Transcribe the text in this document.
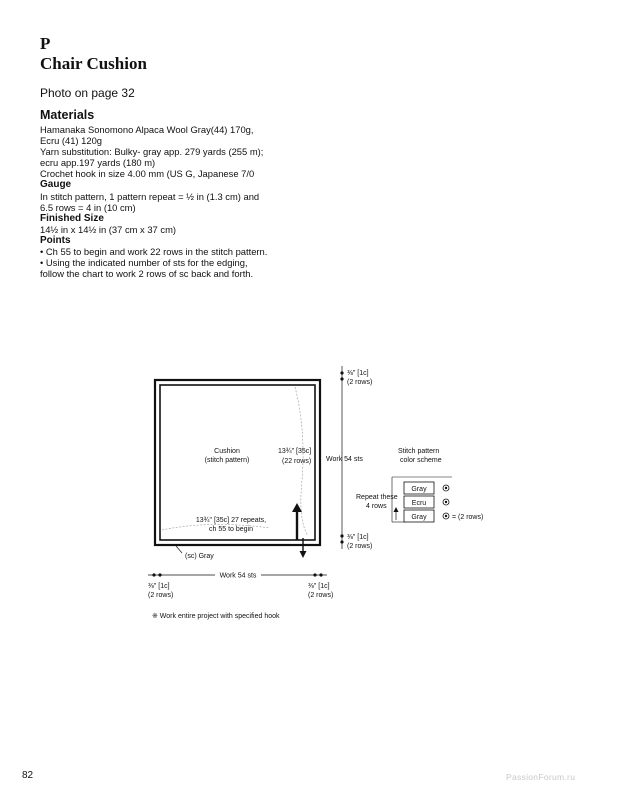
P
Chair Cushion
Photo on page 32
Materials
Hamanaka Sonomono Alpaca Wool Gray(44) 170g,
Ecru (41) 120g
Yarn substitution: Bulky- gray app. 279 yards (255 m);
ecru app.197 yards (180 m)
Crochet hook in size 4.00 mm (US G, Japanese 7/0
Gauge
In stitch pattern, 1 pattern repeat = ½ in (1.3 cm) and
6.5 rows = 4 in (10 cm)
Finished Size
14½ in x 14½ in (37 cm x 37 cm)
Points
• Ch 55 to begin and work 22 rows in the stitch pattern.
• Using the indicated number of sts for the edging,
follow the chart to work 2 rows of sc back and forth.
⅜" [1c]
(2 rows)
Cushion
(stitch pattern)
13¾" [35c]
(22 rows) Work 54 sts
13¾" [35c] 27 repeats,
ch 55 to begin
⅜" [1c]
(2 rows)
(sc) Gray
Work 54 sts
⅜" [1c]
(2 rows)
⅜" [1c]
(2 rows)
※ Work entire project with specified hook
Stitch pattern
color scheme
Repeat these
4 rows
Gray
Ecru
Gray	= (2 rows)
82	PassionForum.ru
